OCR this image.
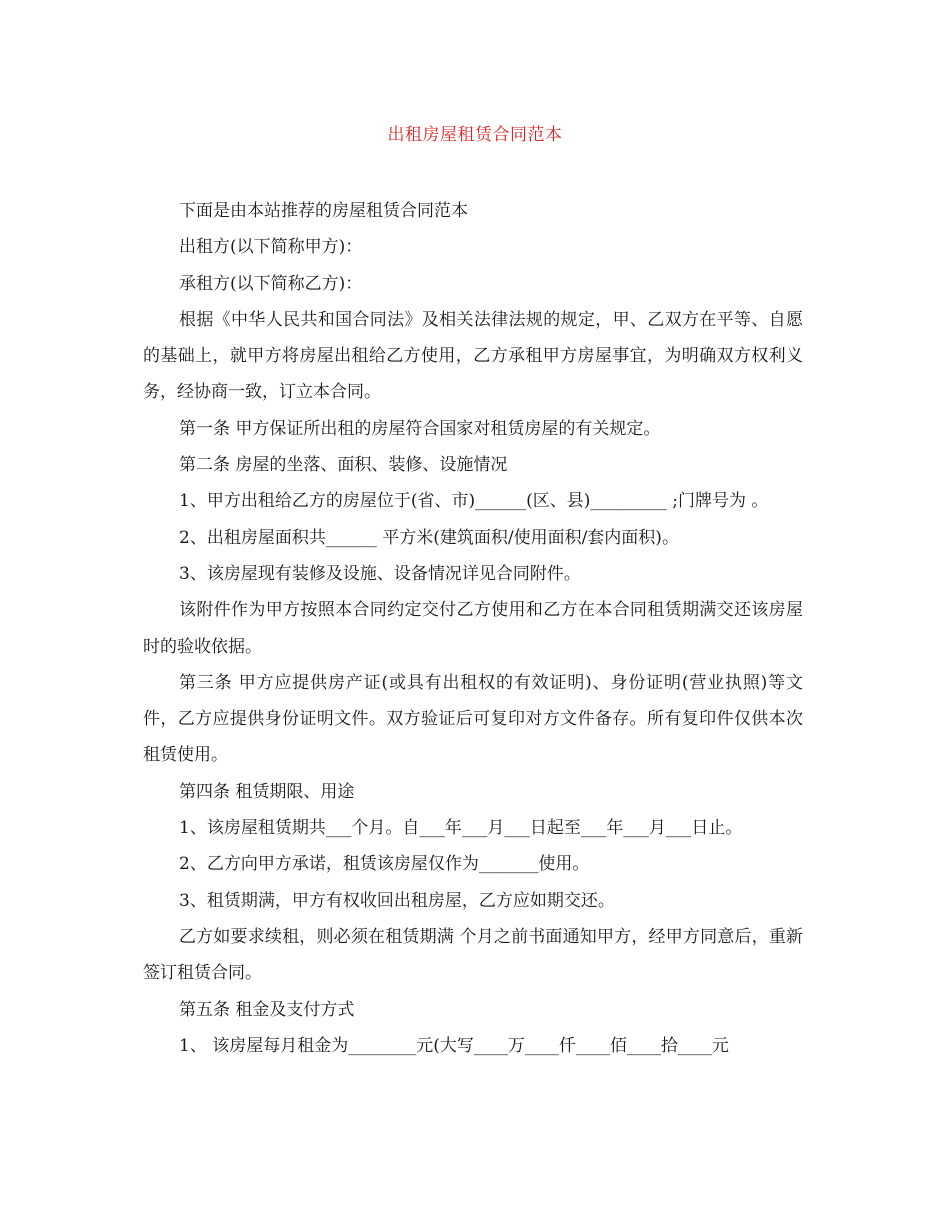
出租房屋租赁合同范本

下面是由本站推荐的房屋租赁合同范本

出租方(以下简称甲方)：

承租方(以下简称乙方)：

根据《中华人民共和国合同法》及相关法律法规的规定，甲、乙双方在平等、自愿的基础上，就甲方将房屋出租给乙方使用，乙方承租甲方房屋事宜，为明确双方权利义务，经协商一致，订立本合同。

第一条 甲方保证所出租的房屋符合国家对租赁房屋的有关规定。

第二条 房屋的坐落、面积、装修、设施情况

1、甲方出租给乙方的房屋位于(省、市)______(区、县)_________ ;门牌号为 。

2、出租房屋面积共______ 平方米(建筑面积/使用面积/套内面积)。

3、该房屋现有装修及设施、设备情况详见合同附件。

该附件作为甲方按照本合同约定交付乙方使用和乙方在本合同租赁期满交还该房屋时的验收依据。

第三条 甲方应提供房产证(或具有出租权的有效证明)、身份证明(营业执照)等文件，乙方应提供身份证明文件。双方验证后可复印对方文件备存。所有复印件仅供本次租赁使用。

第四条 租赁期限、用途

1、该房屋租赁期共___个月。自___年___月___日起至___年___月___日止。

2、乙方向甲方承诺，租赁该房屋仅作为_______使用。

3、租赁期满，甲方有权收回出租房屋，乙方应如期交还。

乙方如要求续租，则必须在租赁期满 个月之前书面通知甲方，经甲方同意后，重新签订租赁合同。

第五条 租金及支付方式

1、 该房屋每月租金为________元(大写____万____仟____佰____拾____元
